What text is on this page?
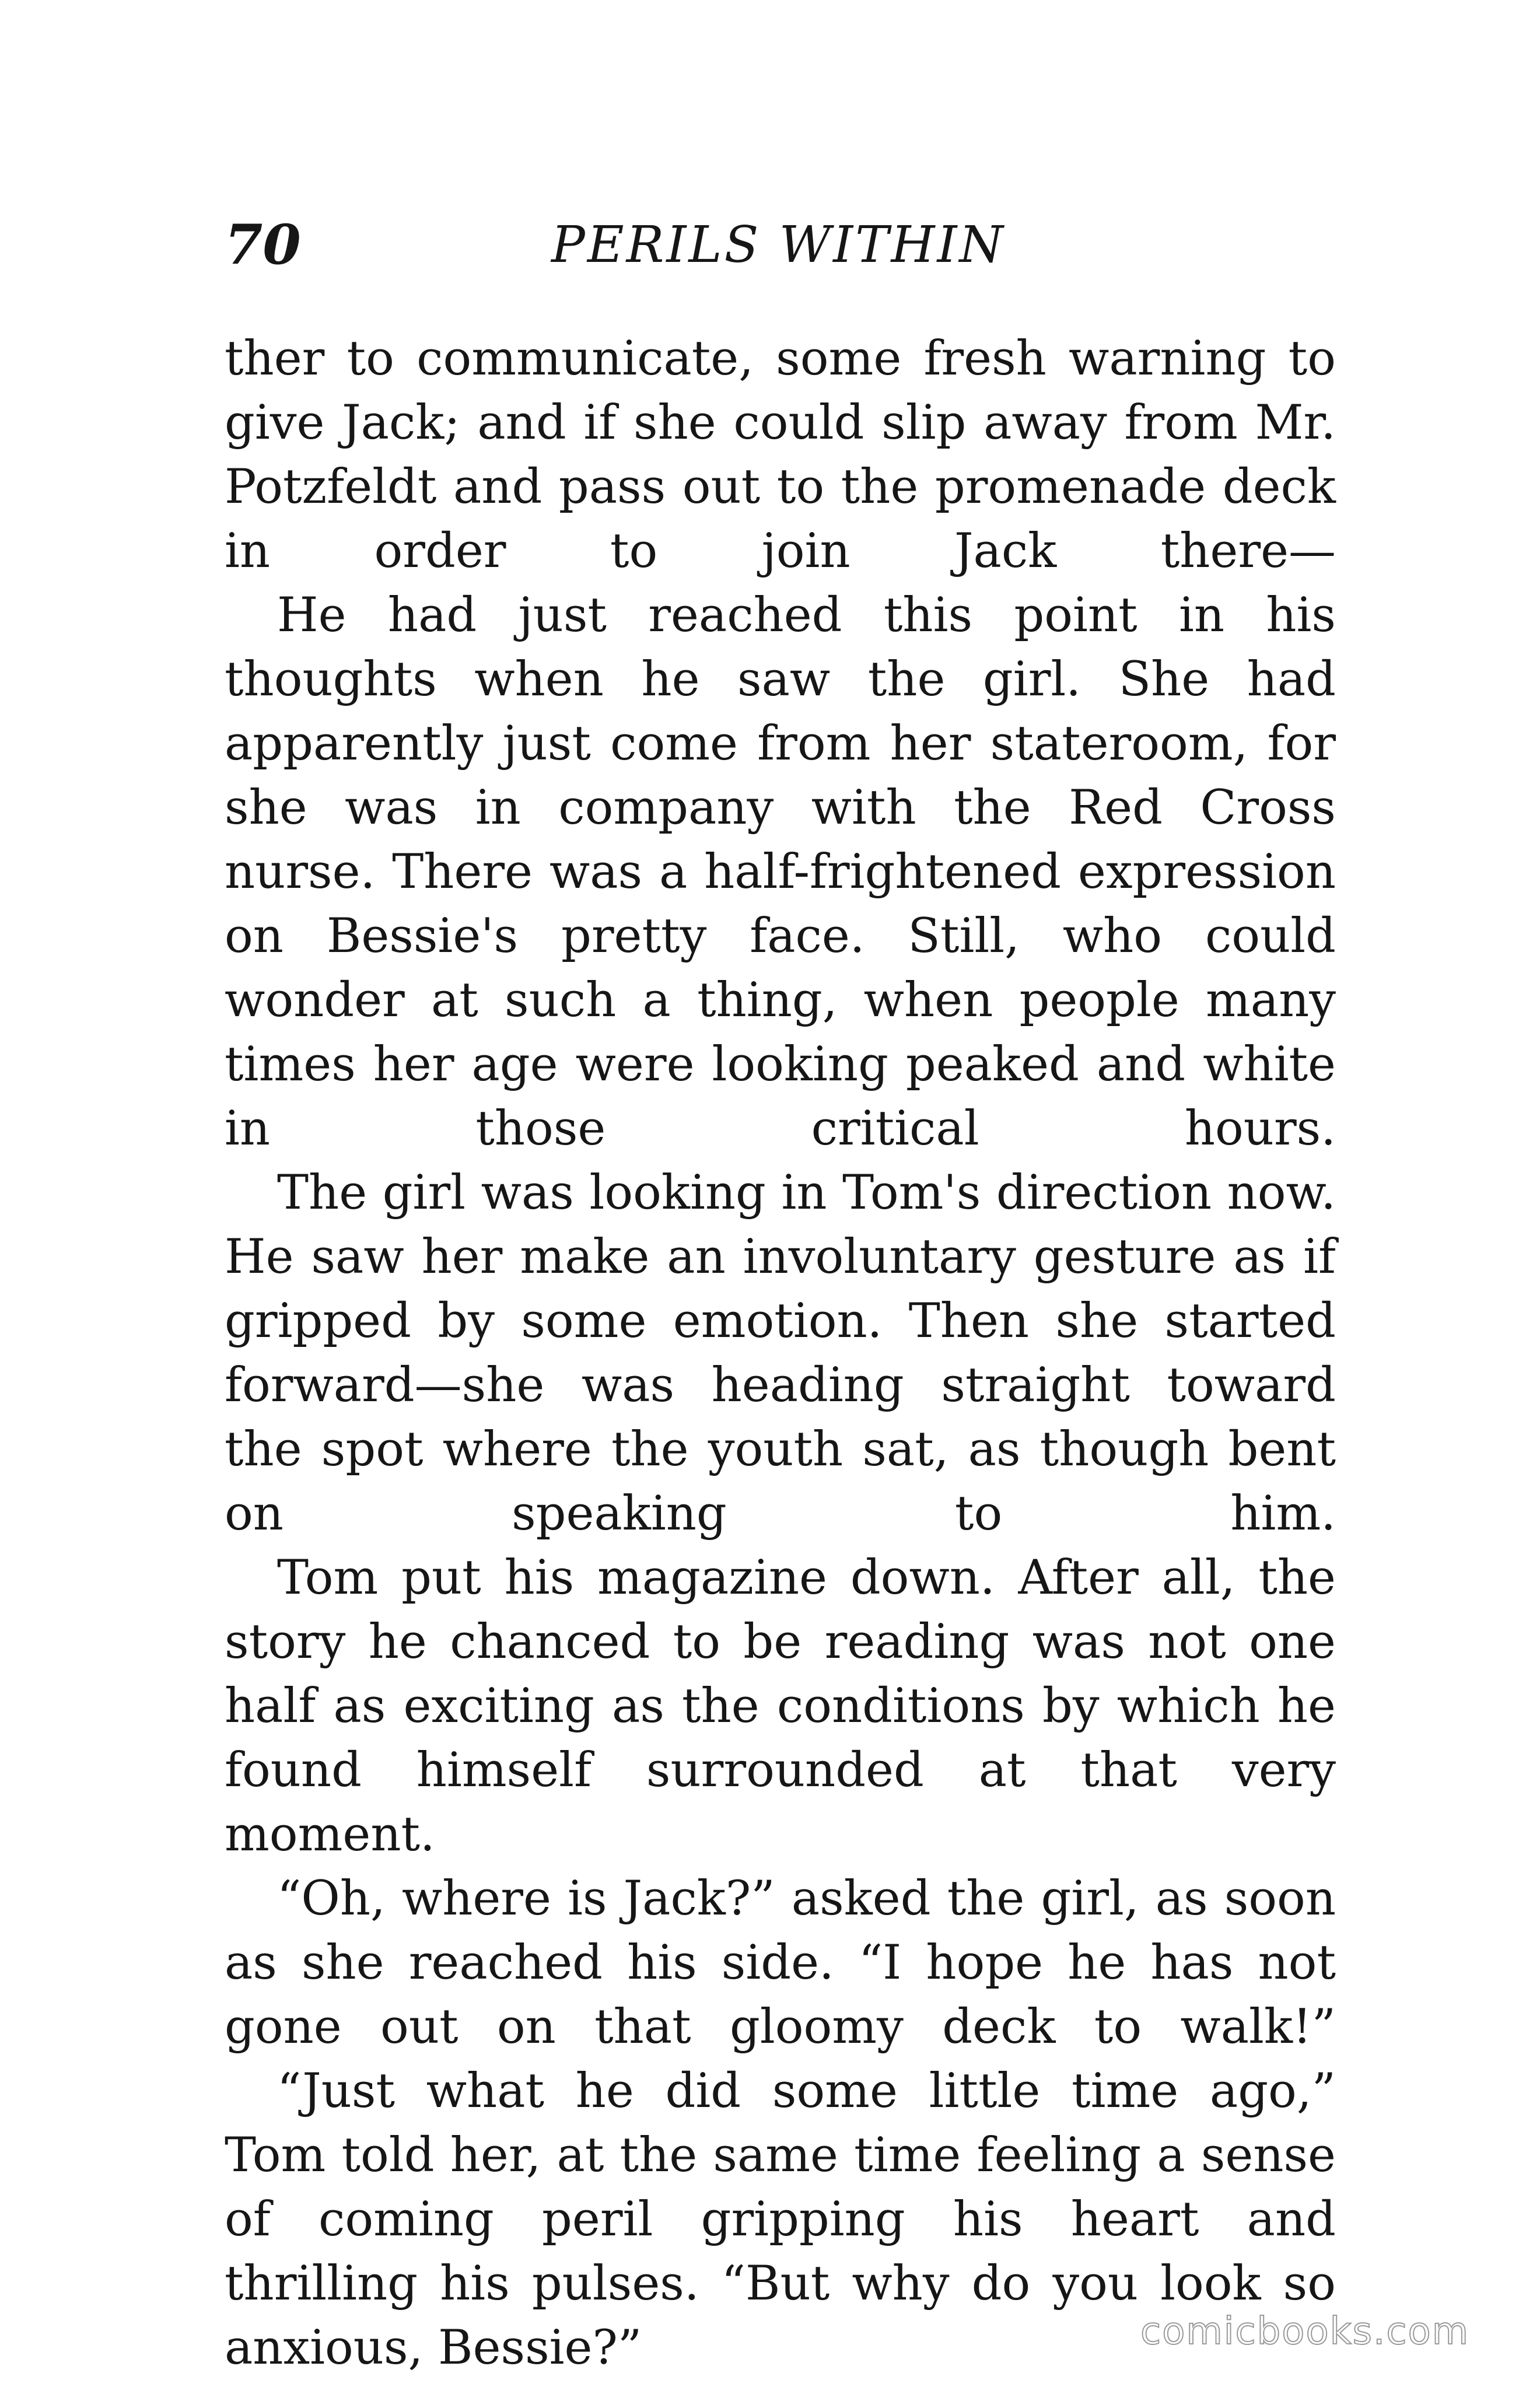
70	PERILS WITHIN

ther to communicate, some fresh warning to give Jack; and if she could slip away from Mr. Potzfeldt and pass out to the promenade deck in order to join Jack there—

He had just reached this point in his thoughts when he saw the girl. She had apparently just come from her stateroom, for she was in company with the Red Cross nurse. There was a half-frightened expression on Bessie's pretty face. Still, who could wonder at such a thing, when people many times her age were looking peaked and white in those critical hours.

The girl was looking in Tom's direction now. He saw her make an involuntary gesture as if gripped by some emotion. Then she started forward—she was heading straight toward the spot where the youth sat, as though bent on speaking to him.

Tom put his magazine down. After all, the story he chanced to be reading was not one half as exciting as the conditions by which he found himself surrounded at that very moment.

“Oh, where is Jack?” asked the girl, as soon as she reached his side. “I hope he has not gone out on that gloomy deck to walk!”

“Just what he did some little time ago,” Tom told her, at the same time feeling a sense of coming peril gripping his heart and thrilling his pulses. “But why do you look so anxious, Bessie?”	comicbooks.com
